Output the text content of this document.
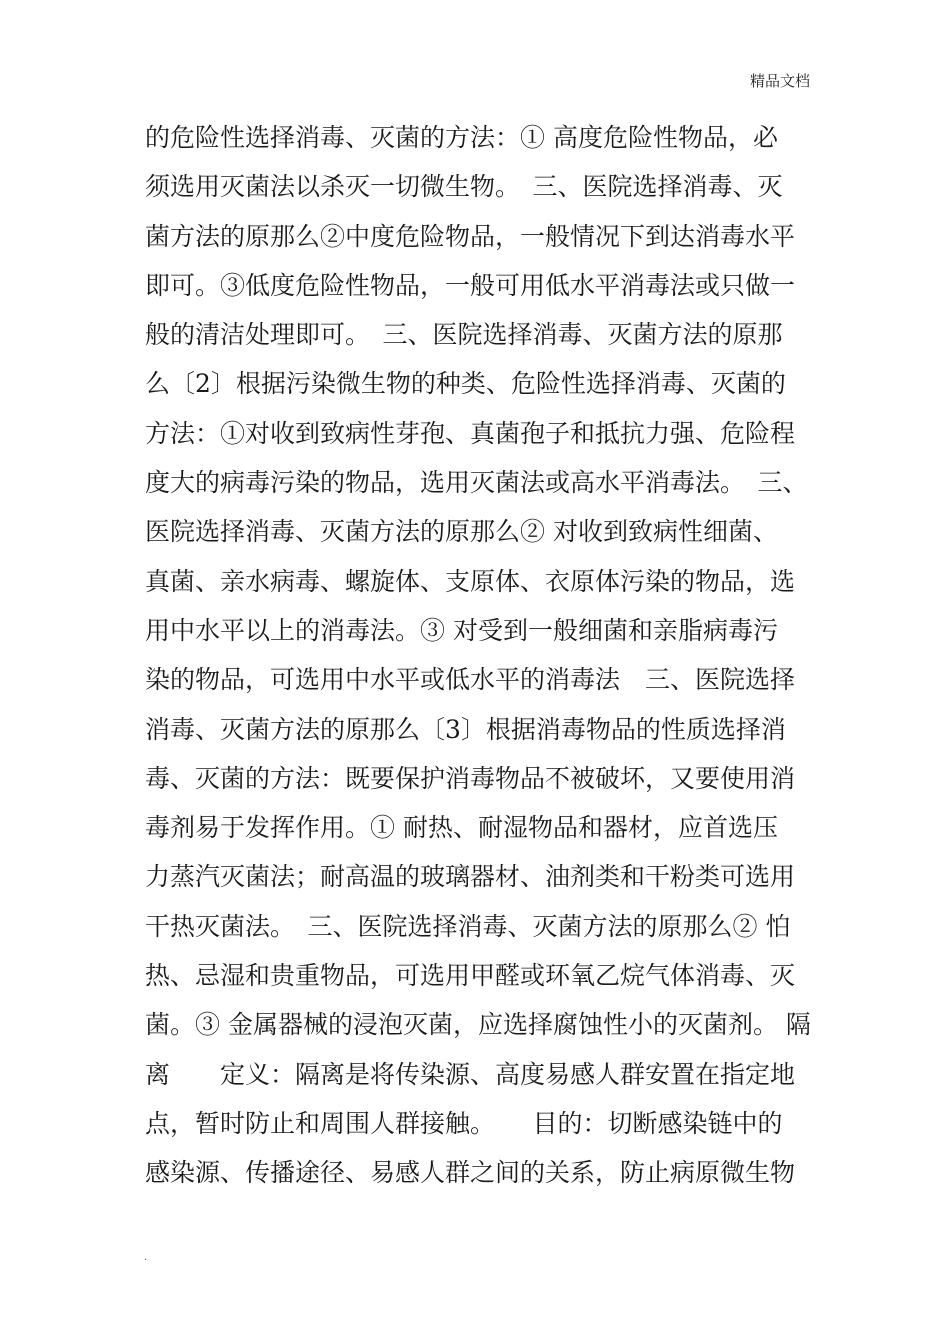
精品文档
的危险性选择消毒、灭菌的方法：① 高度危险性物品，必
须选用灭菌法以杀灭一切微生物。　三、医院选择消毒、灭
菌方法的原那么②中度危险物品，一般情况下到达消毒水平
即可。③低度危险性物品，一般可用低水平消毒法或只做一
般的清洁处理即可。　三、医院选择消毒、灭菌方法的原那
么〔2〕根据污染微生物的种类、危险性选择消毒、灭菌的
方法：①对收到致病性芽孢、真菌孢子和抵抗力强、危险程
度大的病毒污染的物品，选用灭菌法或高水平消毒法。　三、
医院选择消毒、灭菌方法的原那么② 对收到致病性细菌、
真菌、亲水病毒、螺旋体、支原体、衣原体污染的物品，选
用中水平以上的消毒法。③ 对受到一般细菌和亲脂病毒污
染的物品，可选用中水平或低水平的消毒法　三、医院选择
消毒、灭菌方法的原那么〔3〕根据消毒物品的性质选择消
毒、灭菌的方法：既要保护消毒物品不被破坏，又要使用消
毒剂易于发挥作用。① 耐热、耐湿物品和器材，应首选压
力蒸汽灭菌法；耐高温的玻璃器材、油剂类和干粉类可选用
干热灭菌法。　三、医院选择消毒、灭菌方法的原那么② 怕
热、忌湿和贵重物品，可选用甲醛或环氧乙烷气体消毒、灭
菌。③ 金属器械的浸泡灭菌，应选择腐蚀性小的灭菌剂。 隔
离　　定义：隔离是将传染源、高度易感人群安置在指定地
点，暂时防止和周围人群接触。　　目的：切断感染链中的
感染源、传播途径、易感人群之间的关系，防止病原微生物
.
